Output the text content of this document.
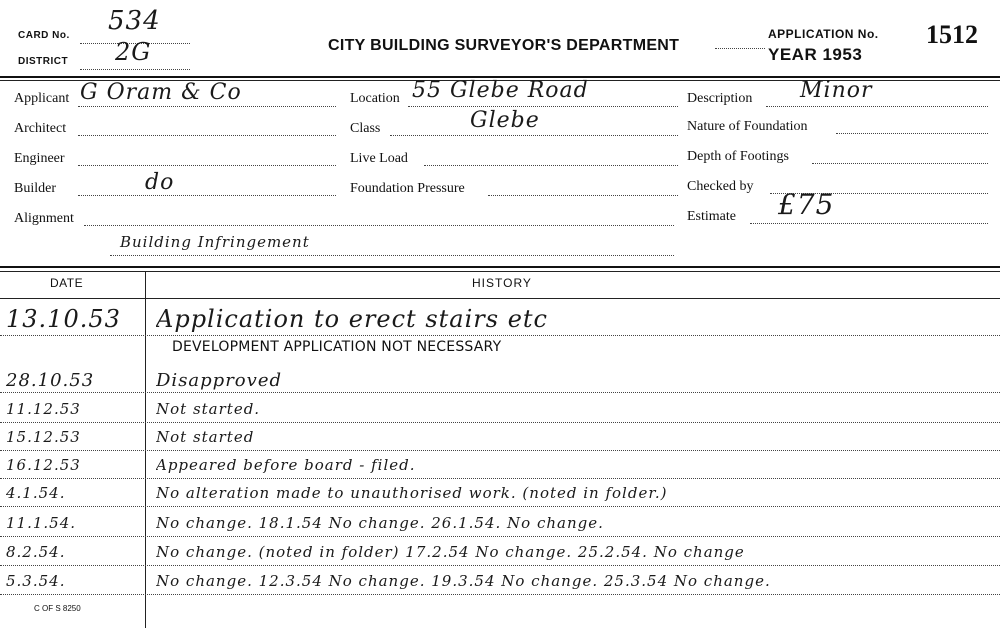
CARD No. 534
DISTRICT 2G	CITY BUILDING SURVEYOR'S DEPARTMENT
APPLICATION No. 1512
YEAR 1953
Applicant G Oram & Co
Architect
Engineer
Builder	do
Alignment
Location 55 Glebe Road
Class	Glebe
Live Load
Foundation Pressure
Description Minor
Nature of Foundation
Depth of Footings
Checked by
Estimate £75
Building Infringement
DATE	HISTORY
DEVELOPMENT APPLICATION NOT NECESSARY
13.10.53 Application to erect stairs etc
28.10.53	Disapproved
11.12.53	Not started.
15.12.53	Not started
16.12.53	Appeared before board - filed.
4.1.54.	No alteration made to unauthorised work. (noted in folder.)
11.1.54.	No change. 18.1.54 No change. 26.1.54. No change.
8.2.54.	No change. (noted in folder) 17.2.54 No change. 25.2.54. No change
5.3.54.	No change. 12.3.54 No change. 19.3.54 No change. 25.3.54 No change.
C OF S 8250
